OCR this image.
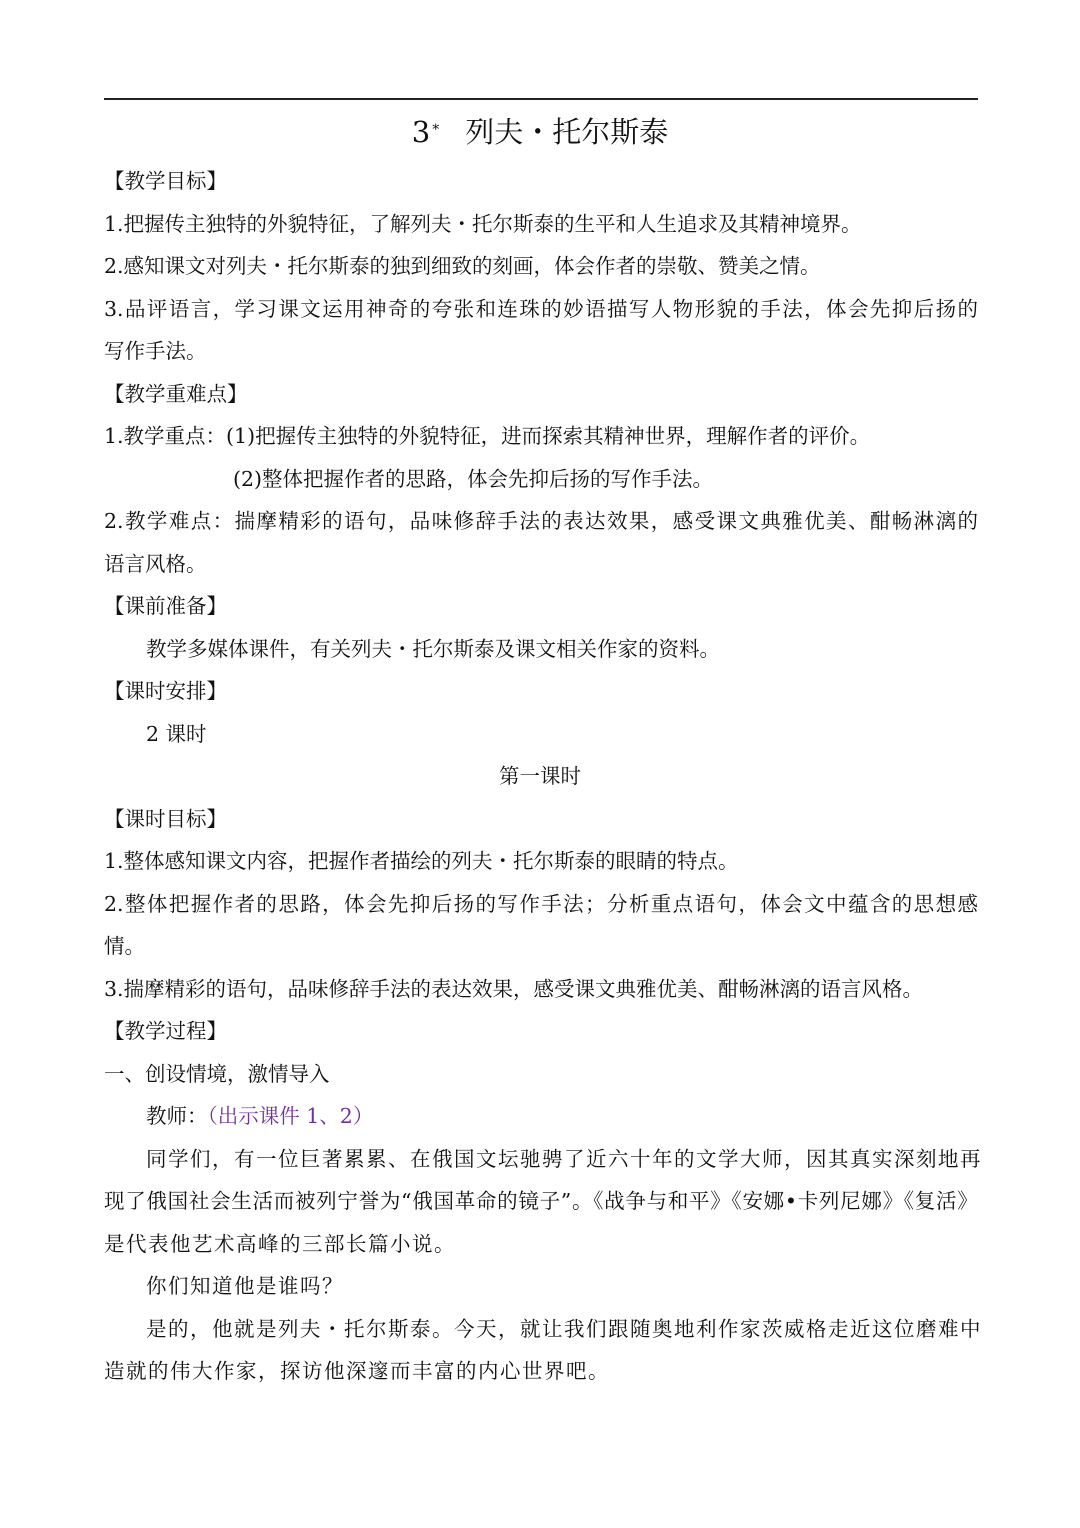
3 * 列夫・托尔斯泰
【教学目标】
1.把握传主独特的外貌特征，了解列夫・托尔斯泰的生平和人生追求及其精神境界。
2.感知课文对列夫・托尔斯泰的独到细致的刻画，体会作者的崇敬、赞美之情。
3.品评语言，学习课文运用神奇的夸张和连珠的妙语描写人物形貌的手法，体会先抑后扬的
写作手法。
【教学重难点】
1.教学重点：(1)把握传主独特的外貌特征，进而探索其精神世界，理解作者的评价。
(2)整体把握作者的思路，体会先抑后扬的写作手法。
2.教学难点：揣摩精彩的语句，品味修辞手法的表达效果，感受课文典雅优美、酣畅淋漓的
语言风格。
【课前准备】
教学多媒体课件，有关列夫・托尔斯泰及课文相关作家的资料。
【课时安排】
2 课时
第一课时
【课时目标】
1.整体感知课文内容，把握作者描绘的列夫・托尔斯泰的眼睛的特点。
2.整体把握作者的思路，体会先抑后扬的写作手法；分析重点语句，体会文中蕴含的思想感
情。
3.揣摩精彩的语句，品味修辞手法的表达效果，感受课文典雅优美、酣畅淋漓的语言风格。
【教学过程】
一、创设情境，激情导入
教师：（出示课件 1、2）
同学们，有一位巨著累累、在俄国文坛驰骋了近六十年的文学大师，因其真实深刻地再
现了俄国社会生活而被列宁誉为“俄国革命的镜子”。《战争与和平》《安娜•卡列尼娜》《复活》
是代表他艺术高峰的三部长篇小说。
你们知道他是谁吗？
是的，他就是列夫・托尔斯泰。今天，就让我们跟随奥地利作家茨威格走近这位磨难中
造就的伟大作家，探访他深邃而丰富的内心世界吧。
